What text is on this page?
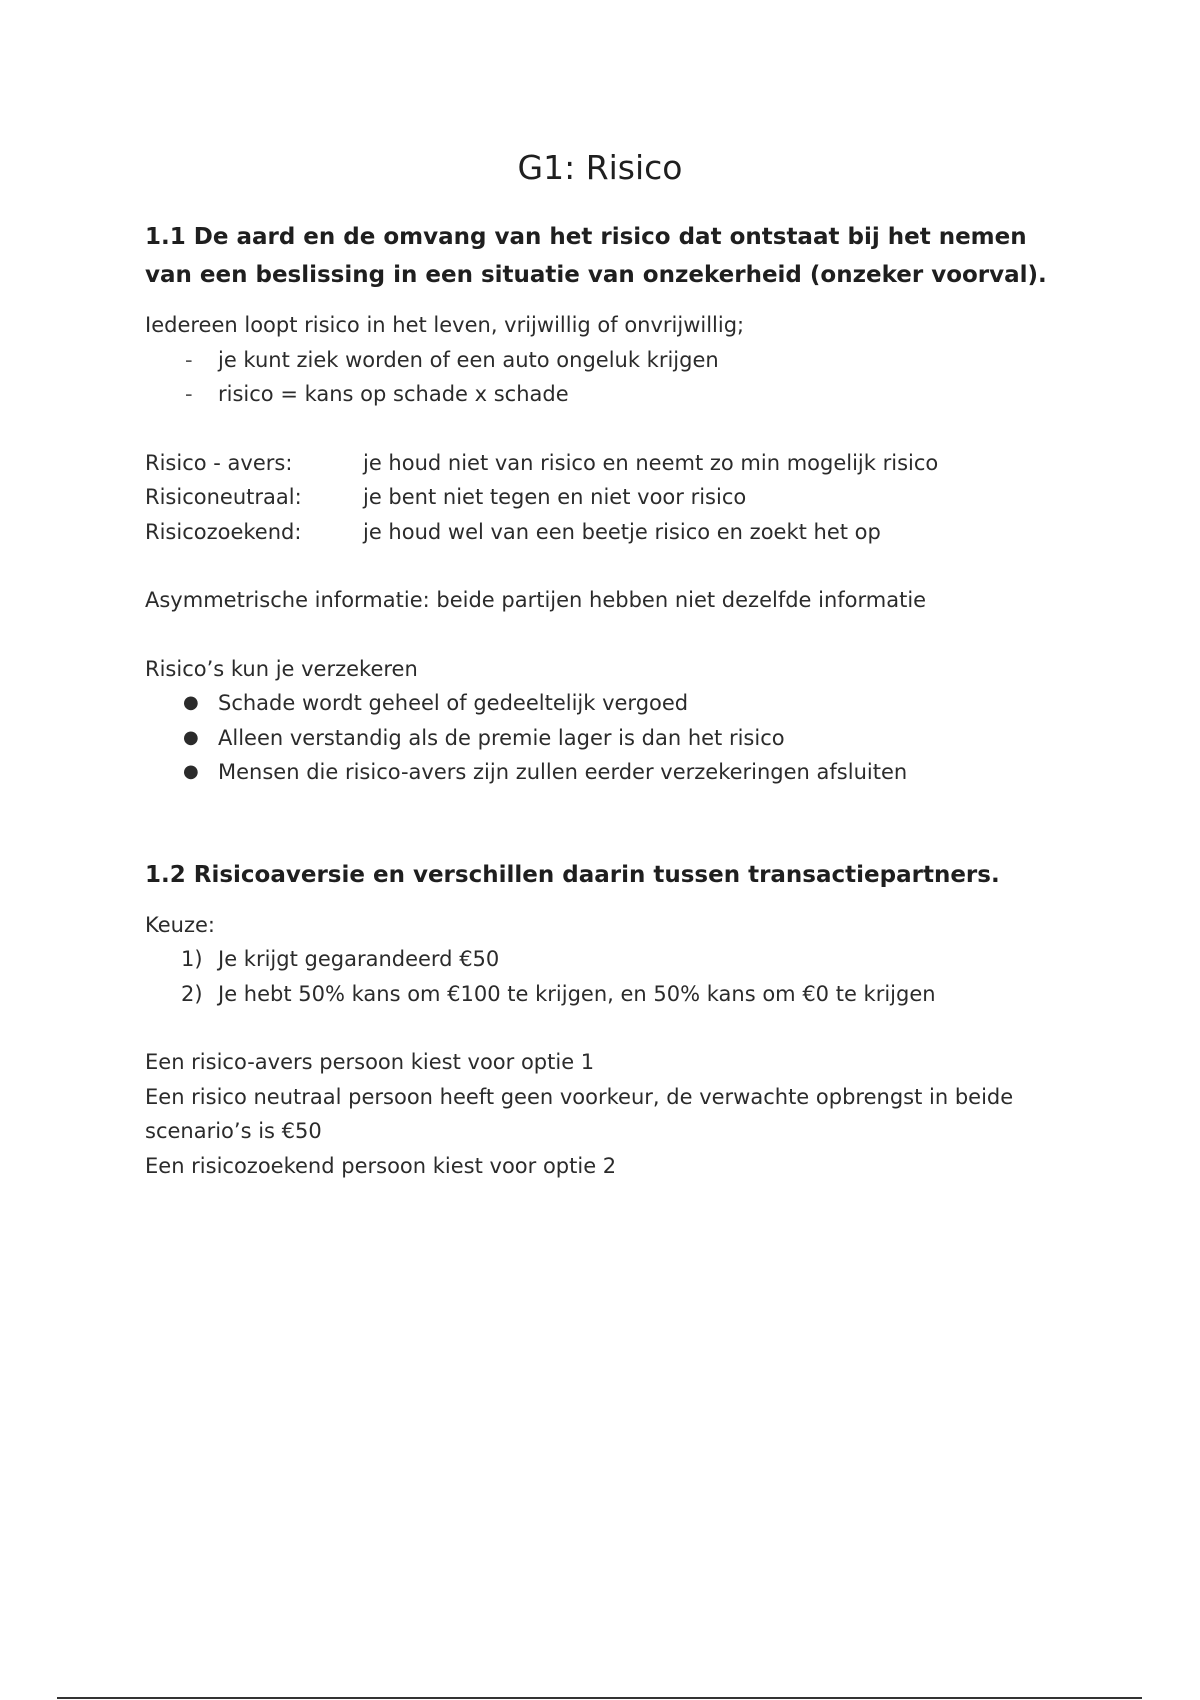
G1: Risico
1.1 De aard en de omvang van het risico dat ontstaat bij het nemen van een beslissing in een situatie van onzekerheid (onzeker voorval).

Iedereen loopt risico in het leven, vrijwillig of onvrijwillig;

- je kunt ziek worden of een auto ongeluk krijgen
- risico = kans op schade x schade
Risico - avers:	je houd niet van risico en neemt zo min mogelijk risico
Risiconeutraal:	je bent niet tegen en niet voor risico
Risicozoekend:	je houd wel van een beetje risico en zoekt het op

Asymmetrische informatie: beide partijen hebben niet dezelfde informatie

Risico’s kun je verzekeren

● Schade wordt geheel of gedeeltelijk vergoed
● Alleen verstandig als de premie lager is dan het risico
● Mensen die risico-avers zijn zullen eerder verzekeringen afsluiten
1.2 Risicoaversie en verschillen daarin tussen transactiepartners.

Keuze:

1) Je krijgt gegarandeerd €50
2) Je hebt 50% kans om €100 te krijgen, en 50% kans om €0 te krijgen

Een risico-avers persoon kiest voor optie 1

Een risico neutraal persoon heeft geen voorkeur, de verwachte opbrengst in beide scenario’s is €50

Een risicozoekend persoon kiest voor optie 2
